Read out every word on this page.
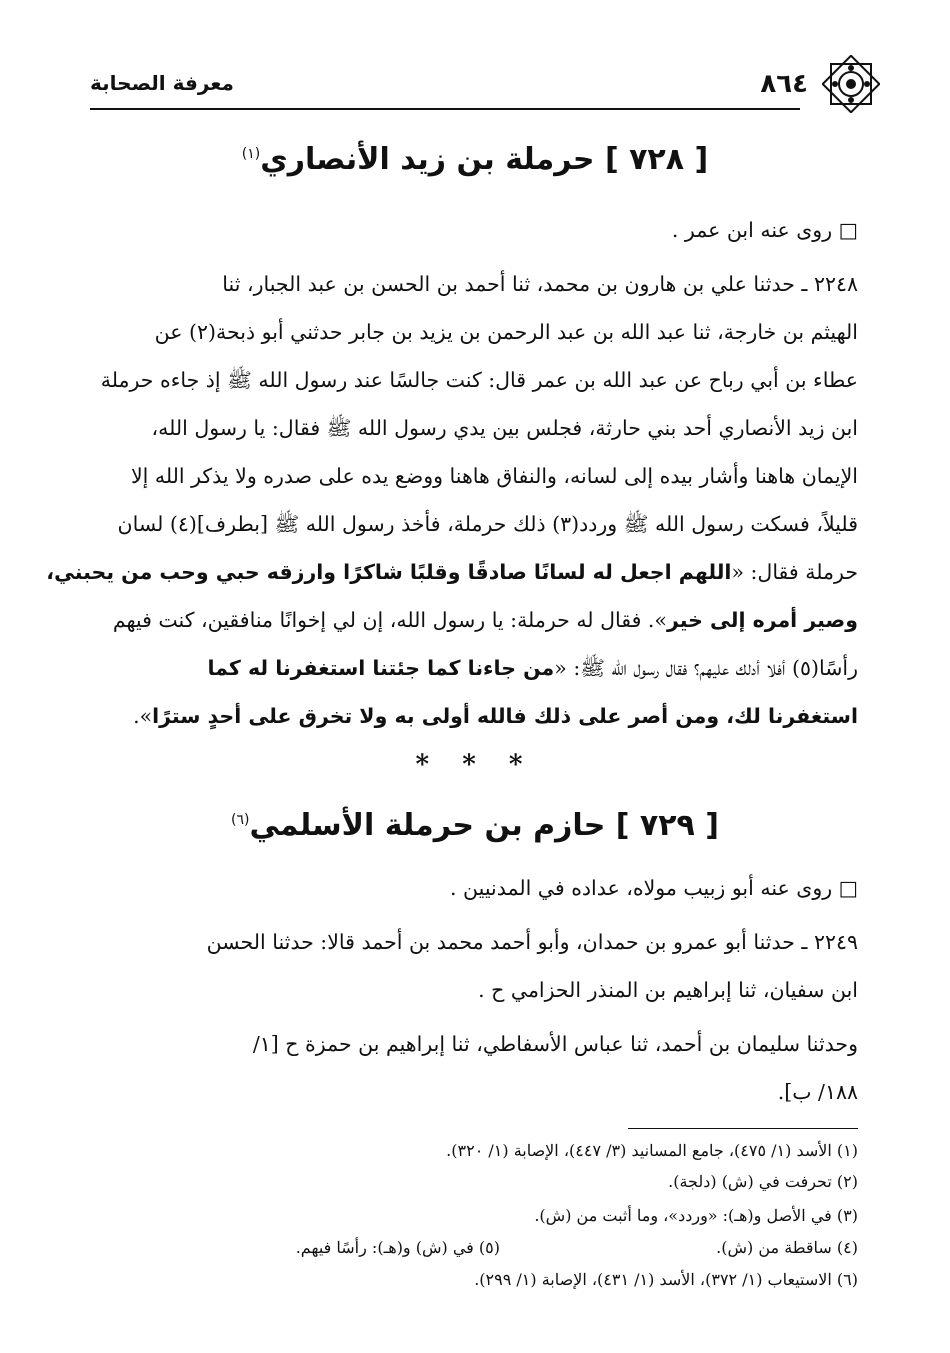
٨٦٤
معرفة الصحابة
[ ٧٢٨ ] حرملة بن زيد الأنصاري$^{(١)}$
□ روى عنه ابن عمر .
٢٢٤٨ ـ حدثنا علي بن هارون بن محمد، ثنا أحمد بن الحسن بن عبد الجبار، ثنا
الهيثم بن خارجة، ثنا عبد الله بن عبد الرحمن بن يزيد بن جابر حدثني أبو ذبحة(٢) عن
عطاء بن أبي رباح عن عبد الله بن عمر قال: كنت جالسًا عند رسول الله ﷺ إذ جاءه حرملة
ابن زيد الأنصاري أحد بني حارثة، فجلس بين يدي رسول الله ﷺ فقال: يا رسول الله،
الإيمان هاهنا وأشار بيده إلى لسانه، والنفاق هاهنا ووضع يده على صدره ولا يذكر الله إلا
قليلاً، فسكت رسول الله ﷺ وردد(٣) ذلك حرملة، فأخذ رسول الله ﷺ [بطرف](٤) لسان
حرملة فقال: «اللهم اجعل له لسانًا صادقًا وقلبًا شاكرًا وارزقه حبي وحب من يحبني،
وصير أمره إلى خير». فقال له حرملة: يا رسول الله، إن لي إخوانًا منافقين، كنت فيهم
رأسًا(٥) أفلا أدلك عليهم؟ فقال رسول الله ﷺ: «من جاءنا كما جئتنا استغفرنا له كما
استغفرنا لك، ومن أصر على ذلك فالله أولى به ولا تخرق على أحدٍ سترًا».
* * *
[ ٧٢٩ ] حازم بن حرملة الأسلمي$^{(٦)}$
□ روى عنه أبو زبيب مولاه، عداده في المدنيين .
٢٢٤٩ ـ حدثنا أبو عمرو بن حمدان، وأبو أحمد محمد بن أحمد قالا: حدثنا الحسن
ابن سفيان، ثنا إبراهيم بن المنذر الحزامي ح .
وحدثنا سليمان بن أحمد، ثنا عباس الأسفاطي، ثنا إبراهيم بن حمزة ح [١/
١٨٨/ ب].
(١) الأسد (١/ ٤٧٥)، جامع المسانيد (٣/ ٤٤٧)، الإصابة (١/ ٣٢٠).
(٢) تحرفت في (ش) (دلجة).
(٣) في الأصل و(هـ): «وردد»، وما أثبت من (ش).
(٤) ساقطة من (ش).
(٥) في (ش) و(هـ): رأسًا فيهم.
(٦) الاستيعاب (١/ ٣٧٢)، الأسد (١/ ٤٣١)، الإصابة (١/ ٢٩٩).
